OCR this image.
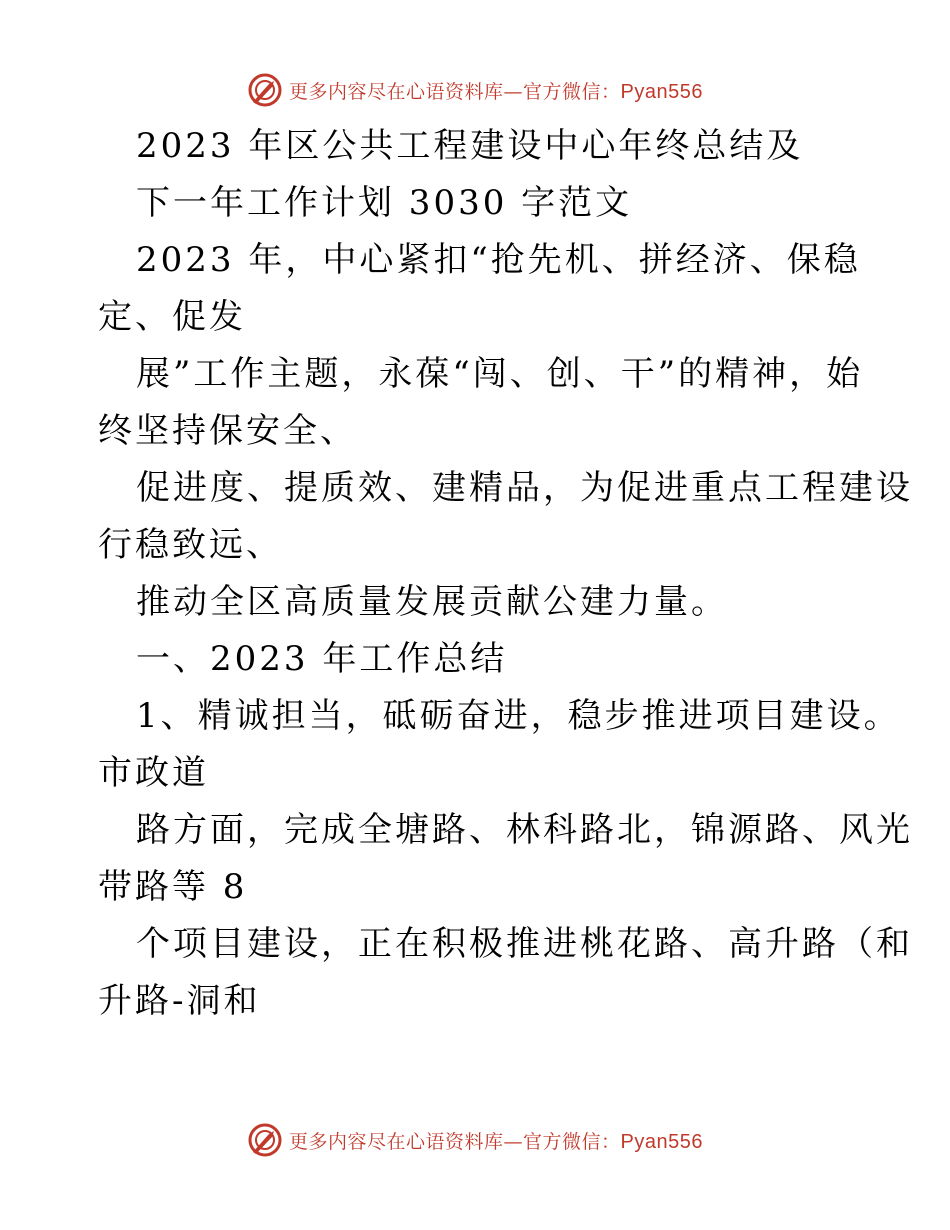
更多内容尽在心语资料库—官方微信：Pyan556
2023 年区公共工程建设中心年终总结及
下一年工作计划 3030 字范文
2023 年，中心紧扣“抢先机、拼经济、保稳
定、促发
展”工作主题，永葆“闯、创、干”的精神，始
终坚持保安全、
促进度、提质效、建精品，为促进重点工程建设
行稳致远、
推动全区高质量发展贡献公建力量。
一、2023 年工作总结
1、精诚担当，砥砺奋进，稳步推进项目建设。
市政道
路方面，完成全塘路、林科路北，锦源路、风光
带路等 8
个项目建设，正在积极推进桃花路、高升路（和
升路-洞和
更多内容尽在心语资料库—官方微信：Pyan556
